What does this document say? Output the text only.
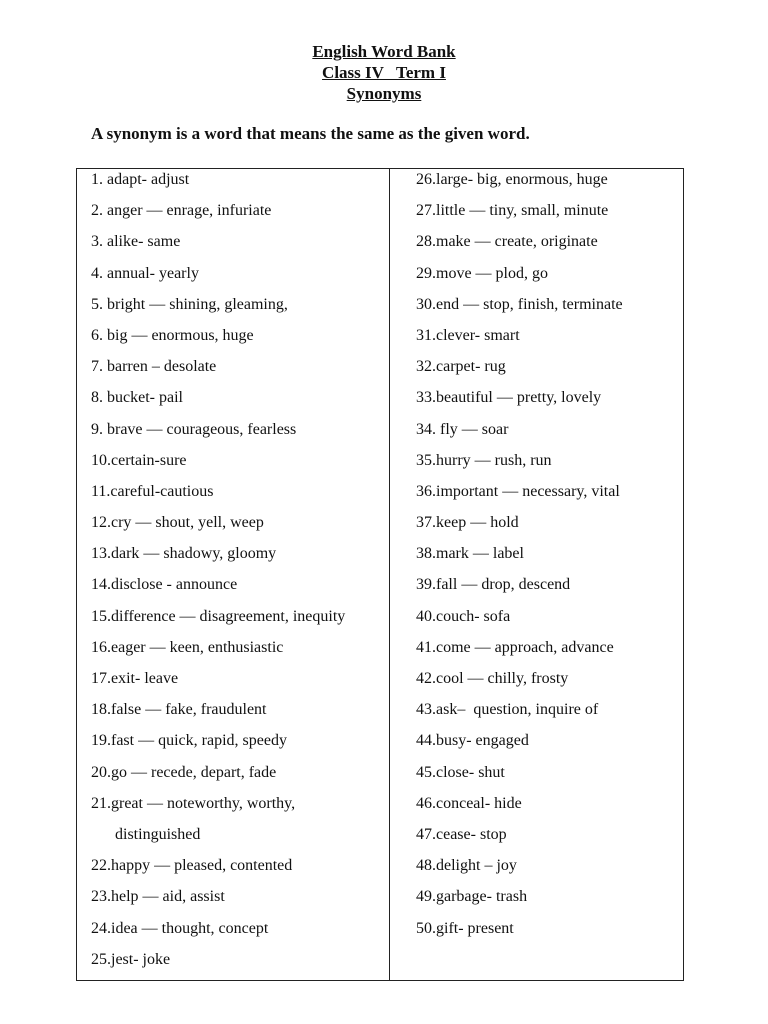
English Word Bank
Class IV   Term I
Synonyms
A synonym is a word that means the same as the given word.
1. adapt- adjust
2. anger — enrage, infuriate
3. alike- same
4. annual- yearly
5. bright — shining, gleaming,
6. big — enormous, huge
7. barren – desolate
8. bucket- pail
9. brave — courageous, fearless
10.certain-sure
11.careful-cautious
12.cry — shout, yell, weep
13.dark — shadowy, gloomy
14.disclose - announce
15.difference — disagreement, inequity
16.eager — keen, enthusiastic
17.exit- leave
18.false — fake, fraudulent
19.fast — quick, rapid, speedy
20.go — recede, depart, fade
21.great — noteworthy, worthy,
distinguished
22.happy — pleased, contented
23.help — aid, assist
24.idea — thought, concept
25.jest- joke
26.large- big, enormous, huge
27.little — tiny, small, minute
28.make — create, originate
29.move — plod, go
30.end — stop, finish, terminate
31.clever- smart
32.carpet- rug
33.beautiful — pretty, lovely
34. fly — soar
35.hurry — rush, run
36.important — necessary, vital
37.keep — hold
38.mark — label
39.fall — drop, descend
40.couch- sofa
41.come — approach, advance
42.cool — chilly, frosty
43.ask–  question, inquire of
44.busy- engaged
45.close- shut
46.conceal- hide
47.cease- stop
48.delight – joy
49.garbage- trash
50.gift- present
